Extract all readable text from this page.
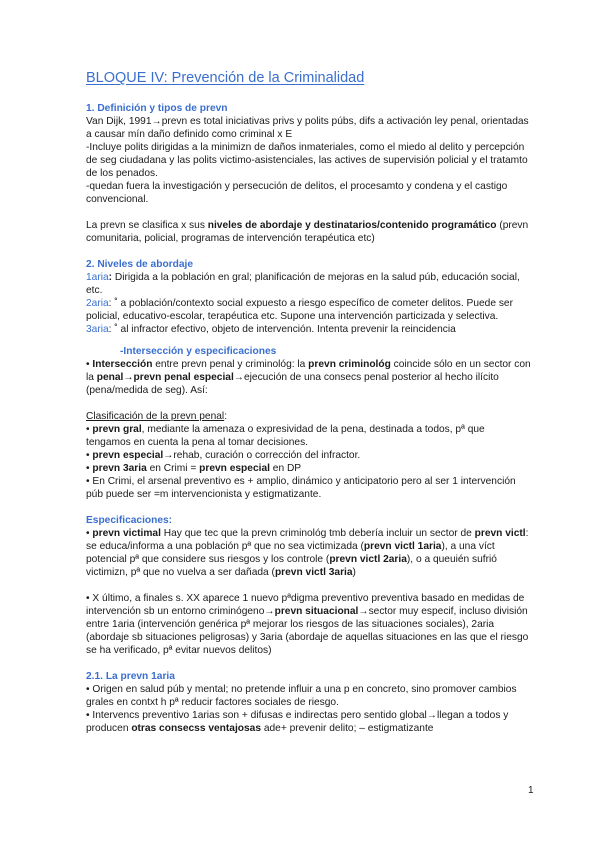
BLOQUE IV: Prevención de la Criminalidad
1. Definición y tipos de prevn

Van Dijk, 1991→prevn es total iniciativas privs y polits púbs, difs a activación ley penal, orientadas a causar mín daño definido como criminal x E

-Incluye polits dirigidas a la minimizn de daños inmateriales, como el miedo al delito y percepción de seg ciudadana y las polits victimo-asistenciales, las actives de supervisión policial y el tratamto de los penados.

-quedan fuera la investigación y persecución de delitos, el procesamto y condena y el castigo convencional.

La prevn se clasifica x sus niveles de abordaje y destinatarios/contenido programático (prevn comunitaria, policial, programas de intervención terapéutica etc)

2. Niveles de abordaje

1aria: Dirigida a la población en gral; planificación de mejoras en la salud púb, educación social, etc.

2aria: ˚ a población/contexto social expuesto a riesgo específico de cometer delitos. Puede ser policial, educativo-escolar, terapéutica etc. Supone una intervención particizada y selectiva.

3aria: ˚ al infractor efectivo, objeto de intervención. Intenta prevenir la reincidencia

-Intersección y especificaciones

• Intersección entre prevn penal y criminológ: la prevn criminológ coincide sólo en un sector con la penal→prevn penal especial→ejecución de una consecs penal posterior al hecho ilícito (pena/medida de seg). Así:

Clasificación de la prevn penal:

• prevn gral, mediante la amenaza o expresividad de la pena, destinada a todos, pª que tengamos en cuenta la pena al tomar decisiones.

• prevn especial→rehab, curación o corrección del infractor.

• prevn 3aria en Crimi = prevn especial en DP

• En Crimi, el arsenal preventivo es + amplio, dinámico y anticipatorio pero al ser 1 intervención púb puede ser =m intervencionista y estigmatizante.

Especificaciones:

• prevn victimal Hay que tec que la prevn criminológ tmb debería incluir un sector de prevn victl: se educa/informa a una población pª que no sea victimizada (prevn victl 1aria), a una víct potencial pª que considere sus riesgos y los controle (prevn victl 2aria), o a queuién sufrió victimizn, pª que no vuelva a ser dañada (prevn victl 3aria)

• X último, a finales s. XX aparece 1 nuevo pªdigma preventivo preventiva basado en medidas de intervención sb un entorno criminógeno→prevn situacional→sector muy especif, incluso división entre 1aria (intervención genérica pª mejorar los riesgos de las situaciones sociales), 2aria (abordaje sb situaciones peligrosas) y 3aria (abordaje de aquellas situaciones en las que el riesgo se ha verificado, pª evitar nuevos delitos)

2.1. La prevn 1aria

• Origen en salud púb y mental; no pretende influir a una p en concreto, sino promover cambios grales en contxt h pª reducir factores sociales de riesgo.

• Intervencs preventivo 1arias son + difusas e indirectas pero sentido global→llegan a todos y producen otras consecss ventajosas ade+ prevenir delito; – estigmatizante

1
